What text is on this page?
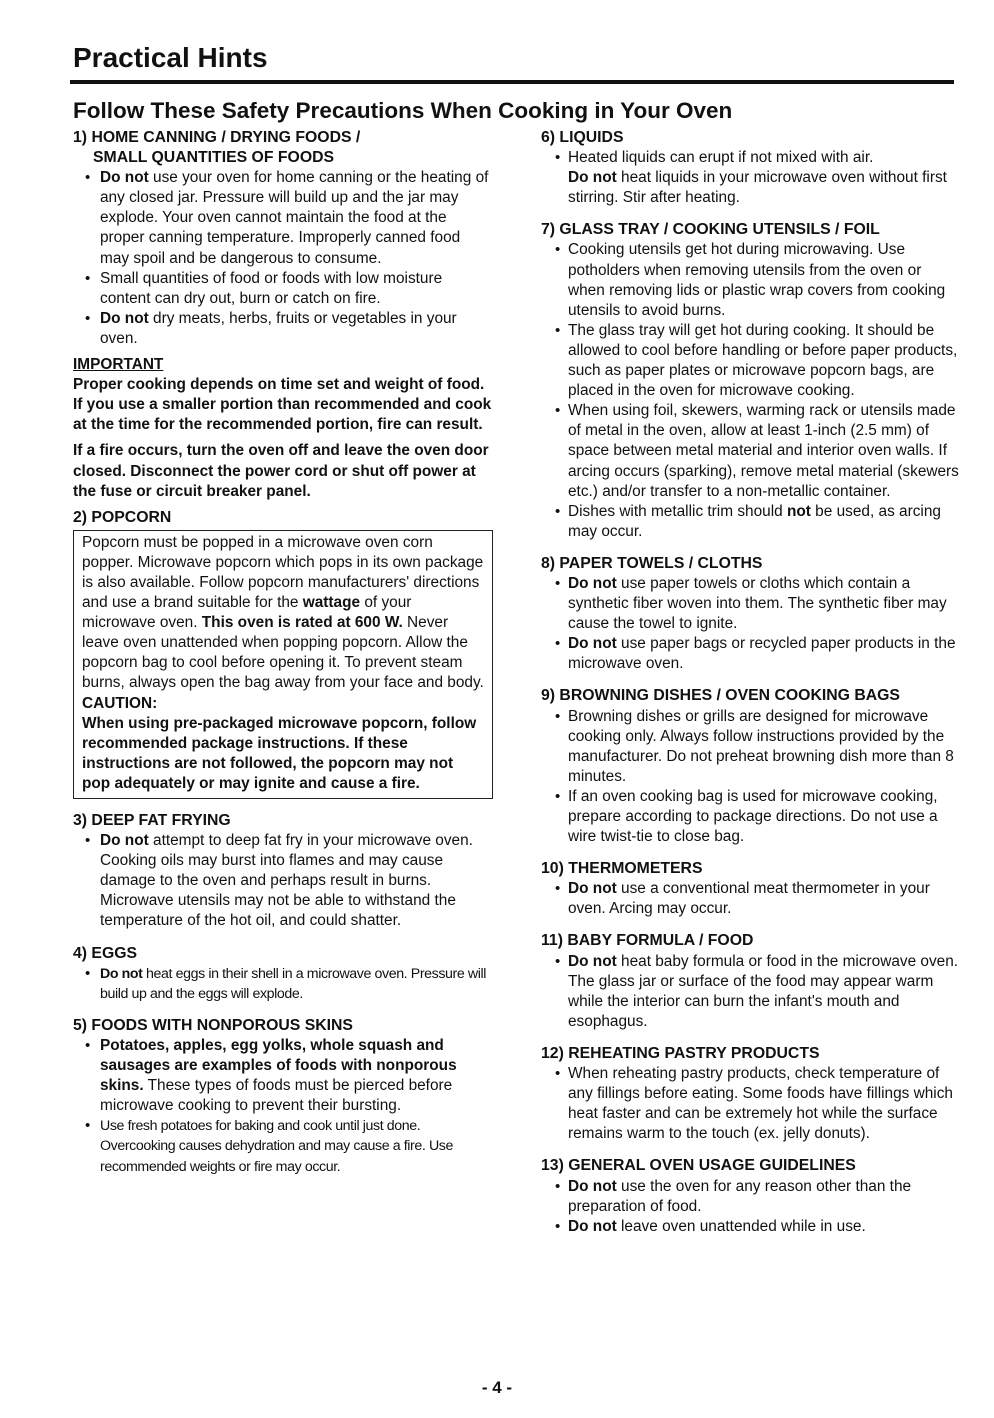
Practical Hints
Follow These Safety Precautions When Cooking in Your Oven
1) HOME CANNING / DRYING FOODS /
SMALL QUANTITIES OF FOODS
• Do not use your oven for home canning or the heating of any closed jar. Pressure will build up and the jar may explode. Your oven cannot maintain the food at the proper canning temperature. Improperly canned food may spoil and be dangerous to consume.
• Small quantities of food or foods with low moisture content can dry out, burn or catch on fire.
• Do not dry meats, herbs, fruits or vegetables in your oven.
IMPORTANT
Proper cooking depends on time set and weight of food. If you use a smaller portion than recommended and cook at the time for the recommended portion, fire can result.
If a fire occurs, turn the oven off and leave the oven door closed. Disconnect the power cord or shut off power at the fuse or circuit breaker panel.
2) POPCORN
Popcorn must be popped in a microwave oven corn popper. Microwave popcorn which pops in its own package is also available. Follow popcorn manufacturers' directions and use a brand suitable for the wattage of your microwave oven. This oven is rated at 600 W. Never leave oven unattended when popping popcorn. Allow the popcorn bag to cool before opening it. To prevent steam burns, always open the bag away from your face and body.
CAUTION:
When using pre-packaged microwave popcorn, follow recommended package instructions. If these instructions are not followed, the popcorn may not pop adequately or may ignite and cause a fire.
3) DEEP FAT FRYING
• Do not attempt to deep fat fry in your microwave oven. Cooking oils may burst into flames and may cause damage to the oven and perhaps result in burns. Microwave utensils may not be able to withstand the temperature of the hot oil, and could shatter.
4) EGGS
• Do not heat eggs in their shell in a microwave oven. Pressure will build up and the eggs will explode.
5) FOODS WITH NONPOROUS SKINS
• Potatoes, apples, egg yolks, whole squash and sausages are examples of foods with nonporous skins. These types of foods must be pierced before microwave cooking to prevent their bursting.
• Use fresh potatoes for baking and cook until just done. Overcooking causes dehydration and may cause a fire. Use recommended weights or fire may occur.
6) LIQUIDS
• Heated liquids can erupt if not mixed with air.
Do not heat liquids in your microwave oven without first stirring. Stir after heating.
7) GLASS TRAY / COOKING UTENSILS / FOIL
• Cooking utensils get hot during microwaving. Use potholders when removing utensils from the oven or when removing lids or plastic wrap covers from cooking utensils to avoid burns.
• The glass tray will get hot during cooking. It should be allowed to cool before handling or before paper products, such as paper plates or microwave popcorn bags, are placed in the oven for microwave cooking.
• When using foil, skewers, warming rack or utensils made of metal in the oven, allow at least 1-inch (2.5 mm) of space between metal material and interior oven walls. If arcing occurs (sparking), remove metal material (skewers etc.) and/or transfer to a non-metallic container.
• Dishes with metallic trim should not be used, as arcing may occur.
8) PAPER TOWELS / CLOTHS
• Do not use paper towels or cloths which contain a synthetic fiber woven into them. The synthetic fiber may cause the towel to ignite.
• Do not use paper bags or recycled paper products in the microwave oven.
9) BROWNING DISHES / OVEN COOKING BAGS
• Browning dishes or grills are designed for microwave cooking only. Always follow instructions provided by the manufacturer. Do not preheat browning dish more than 8 minutes.
• If an oven cooking bag is used for microwave cooking, prepare according to package directions. Do not use a wire twist-tie to close bag.
10) THERMOMETERS
• Do not use a conventional meat thermometer in your oven. Arcing may occur.
11) BABY FORMULA / FOOD
• Do not heat baby formula or food in the microwave oven. The glass jar or surface of the food may appear warm while the interior can burn the infant's mouth and esophagus.
12) REHEATING PASTRY PRODUCTS
• When reheating pastry products, check temperature of any fillings before eating. Some foods have fillings which heat faster and can be extremely hot while the surface remains warm to the touch (ex. jelly donuts).
13) GENERAL OVEN USAGE GUIDELINES
• Do not use the oven for any reason other than the preparation of food.
• Do not leave oven unattended while in use.
- 4 -
